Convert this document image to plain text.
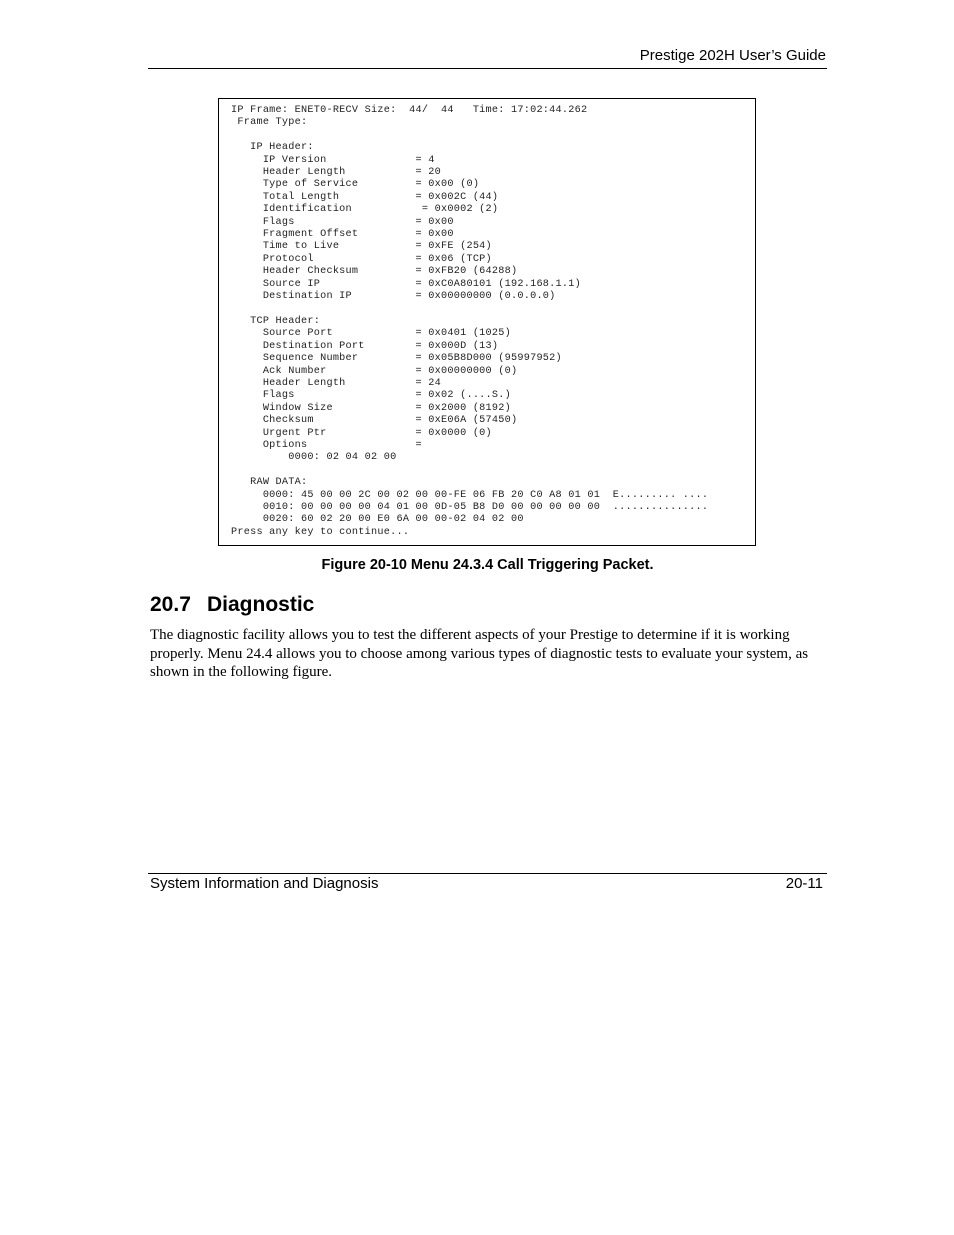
Prestige 202H User’s Guide
IP Frame: ENET0-RECV Size:  44/  44   Time: 17:02:44.262
Frame Type:

IP Header:
IP Version              = 4
Header Length           = 20
Type of Service         = 0x00 (0)
Total Length            = 0x002C (44)
Identification           = 0x0002 (2)
Flags                   = 0x00
Fragment Offset         = 0x00
Time to Live            = 0xFE (254)
Protocol                = 0x06 (TCP)
Header Checksum         = 0xFB20 (64288)
Source IP               = 0xC0A80101 (192.168.1.1)
Destination IP          = 0x00000000 (0.0.0.0)

TCP Header:
Source Port             = 0x0401 (1025)
Destination Port        = 0x000D (13)
Sequence Number         = 0x05B8D000 (95997952)
Ack Number              = 0x00000000 (0)
Header Length           = 24
Flags                   = 0x02 (....S.)
Window Size             = 0x2000 (8192)
Checksum                = 0xE06A (57450)
Urgent Ptr              = 0x0000 (0)
Options                 =
0000: 02 04 02 00

RAW DATA:
0000: 45 00 00 2C 00 02 00 00-FE 06 FB 20 C0 A8 01 01  E......... ....
0010: 00 00 00 00 04 01 00 0D-05 B8 D0 00 00 00 00 00  ...............
0020: 60 02 20 00 E0 6A 00 00-02 04 02 00
Press any key to continue...
Figure 20-10 Menu 24.3.4 Call Triggering Packet.
20.7 Diagnostic

The diagnostic facility allows you to test the different aspects of your Prestige to determine if it is working properly. Menu 24.4 allows you to choose among various types of diagnostic tests to evaluate your system, as shown in the following figure.

System Information and Diagnosis	20-11
